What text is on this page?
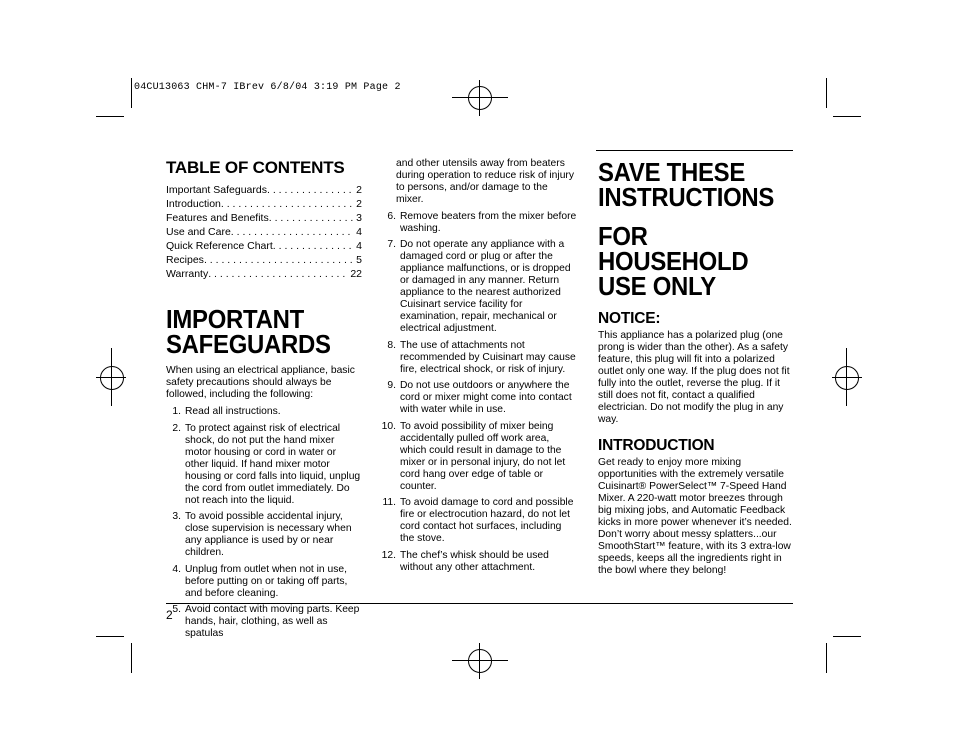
04CU13063 CHM-7 IBrev 6/8/04 3:19 PM Page 2
TABLE OF CONTENTS
Important Safeguards . . .	2
Introduction . . .	2
Features and Benefits . . .	3
Use and Care . . .	4
Quick Reference Chart . . .	4
Recipes . . .	5
Warranty . . .	22
IMPORTANT
SAFEGUARDS

When using an electrical appliance, basic safety precautions should always be followed, including the following:

1. Read all instructions.
2. To protect against risk of electrical shock, do not put the hand mixer motor housing or cord in water or other liquid. If hand mixer motor housing or cord falls into liquid, unplug the cord from outlet immediately. Do not reach into the liquid.
3. To avoid possible accidental injury, close supervision is necessary when any appliance is used by or near children.
4. Unplug from outlet when not in use, before putting on or taking off parts, and before cleaning.
5. Avoid contact with moving parts. Keep hands, hair, clothing, as well as spatulas

and other utensils away from beaters during operation to reduce risk of injury to persons, and/or damage to the mixer.

6. Remove beaters from the mixer before washing.
7. Do not operate any appliance with a damaged cord or plug or after the appliance malfunctions, or is dropped or damaged in any manner. Return appliance to the nearest authorized Cuisinart service facility for examination, repair, mechanical or electrical adjustment.
8. The use of attachments not recommended by Cuisinart may cause fire, electrical shock, or risk of injury.
9. Do not use outdoors or anywhere the cord or mixer might come into contact with water while in use.
10. To avoid possibility of mixer being accidentally pulled off work area, which could result in damage to the mixer or in personal injury, do not let cord hang over edge of table or counter.
11. To avoid damage to cord and possible fire or electrocution hazard, do not let cord contact hot surfaces, including the stove.
12. The chef’s whisk should be used without any other attachment.
SAVE THESE
INSTRUCTIONS
FOR HOUSEHOLD
USE ONLY
NOTICE:

This appliance has a polarized plug (one prong is wider than the other). As a safety feature, this plug will fit into a polarized outlet only one way. If the plug does not fit fully into the outlet, reverse the plug. If it still does not fit, contact a qualified electrician. Do not modify the plug in any way.

INTRODUCTION

Get ready to enjoy more mixing opportunities with the extremely versatile Cuisinart® PowerSelect™ 7-Speed Hand Mixer. A 220-watt motor breezes through big mixing jobs, and Automatic Feedback kicks in more power whenever it’s needed. Don’t worry about messy splatters...our SmoothStart™ feature, with its 3 extra-low speeds, keeps all the ingredients right in the bowl where they belong!

2
